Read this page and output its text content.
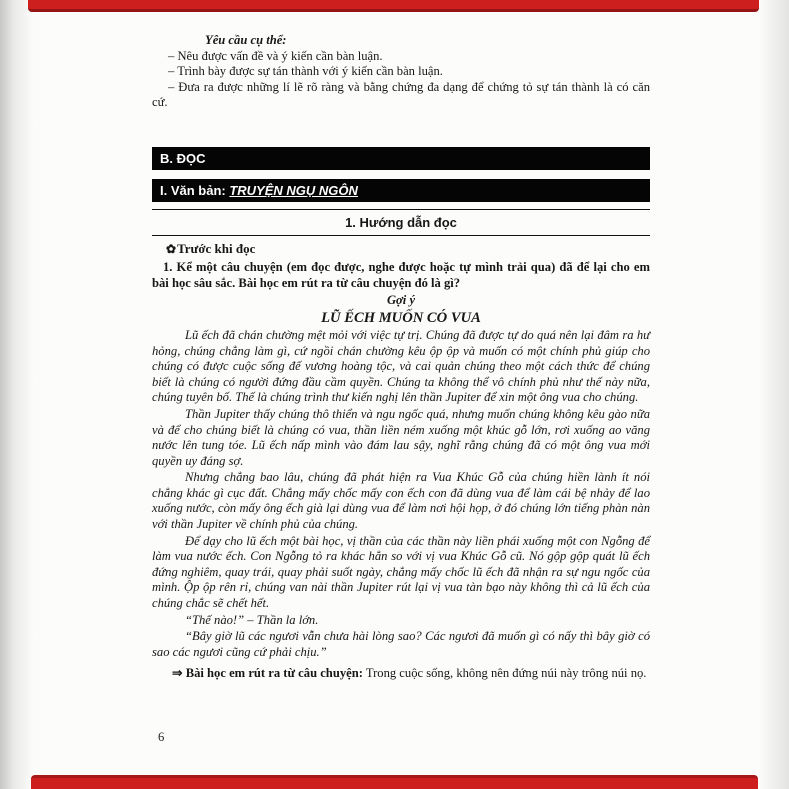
Yêu cầu cụ thể:

– Nêu được vấn đề và ý kiến cần bàn luận.

– Trình bày được sự tán thành với ý kiến cần bàn luận.

– Đưa ra được những lí lẽ rõ ràng và bằng chứng đa dạng để chứng tỏ sự tán thành là có căn cứ.

B. ĐỌC
I. Văn bản: TRUYỆN NGỤ NGÔN
1. Hướng dẫn đọc

✿Trước khi đọc

1. Kể một câu chuyện (em đọc được, nghe được hoặc tự mình trải qua) đã để lại cho em bài học sâu sắc. Bài học em rút ra từ câu chuyện đó là gì?

Gợi ý

LŨ ẾCH MUỐN CÓ VUA

Lũ ếch đã chán chường mệt mỏi với việc tự trị. Chúng đã được tự do quá nên lại đâm ra hư hỏng, chúng chẳng làm gì, cứ ngồi chán chường kêu ộp ộp và muốn có một chính phủ giúp cho chúng có được cuộc sống đế vương hoàng tộc, và cai quản chúng theo một cách thức để chúng biết là chúng có người đứng đầu cầm quyền. Chúng ta không thể vô chính phủ như thế này nữa, chúng tuyên bố. Thế là chúng trình thư kiến nghị lên thần Jupiter để xin một ông vua cho chúng.

Thần Jupiter thấy chúng thô thiển và ngu ngốc quá, nhưng muốn chúng không kêu gào nữa và để cho chúng biết là chúng có vua, thần liền ném xuống một khúc gỗ lớn, rơi xuống ao văng nước lên tung tóe. Lũ ếch nấp mình vào đám lau sậy, nghĩ rằng chúng đã có một ông vua mới quyền uy đáng sợ.

Nhưng chẳng bao lâu, chúng đã phát hiện ra Vua Khúc Gỗ của chúng hiền lành ít nói chẳng khác gì cục đất. Chẳng mấy chốc mấy con ếch con đã dùng vua để làm cái bệ nhảy để lao xuống nước, còn mấy ông ếch già lại dùng vua để làm nơi hội họp, ở đó chúng lớn tiếng phàn nàn với thần Jupiter về chính phủ của chúng.

Để dạy cho lũ ếch một bài học, vị thần của các thần này liền phái xuống một con Ngỗng để làm vua nước ếch. Con Ngỗng tỏ ra khác hẳn so với vị vua Khúc Gỗ cũ. Nó gộp gộp quát lũ ếch đứng nghiêm, quay trái, quay phải suốt ngày, chẳng mấy chốc lũ ếch đã nhận ra sự ngu ngốc của mình. Ộp ộp rên rỉ, chúng van nài thần Jupiter rút lại vị vua tàn bạo này không thì cả lũ ếch của chúng chắc sẽ chết hết.

“Thế nào!” – Thần la lớn.

“Bây giờ lũ các ngươi vẫn chưa hài lòng sao? Các ngươi đã muốn gì có nấy thì bây giờ có sao các ngươi cũng cứ phải chịu.”

⇒ Bài học em rút ra từ câu chuyện: Trong cuộc sống, không nên đứng núi này trông núi nọ.

6
